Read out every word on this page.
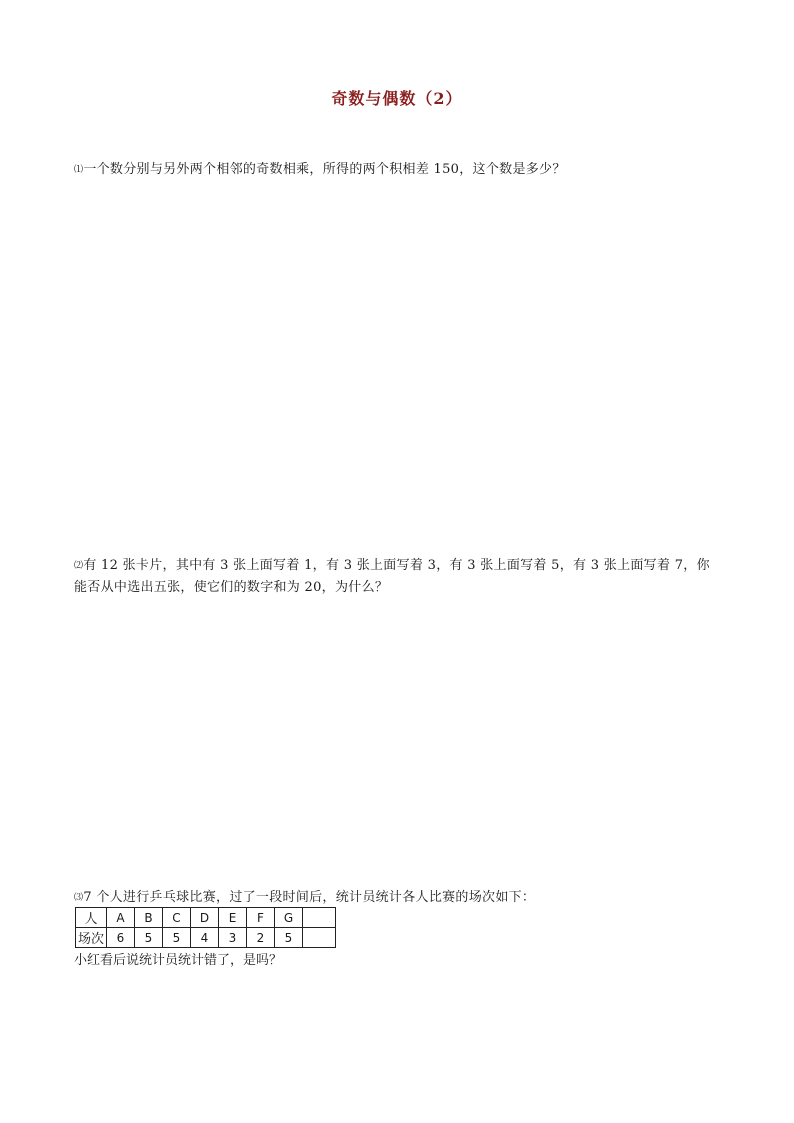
奇数与偶数（2）
⑴一个数分别与另外两个相邻的奇数相乘，所得的两个积相差 150，这个数是多少？
⑵有 12 张卡片，其中有 3 张上面写着 1，有 3 张上面写着 3，有 3 张上面写着 5，有 3 张上面写着 7，你
能否从中选出五张，使它们的数字和为 20，为什么？
⑶7 个人进行乒乓球比赛，过了一段时间后，统计员统计各人比赛的场次如下：
人	A	B	C	D	E	F	G	
场次	6	5	5	4	3	2	5	
小红看后说统计员统计错了，是吗？
